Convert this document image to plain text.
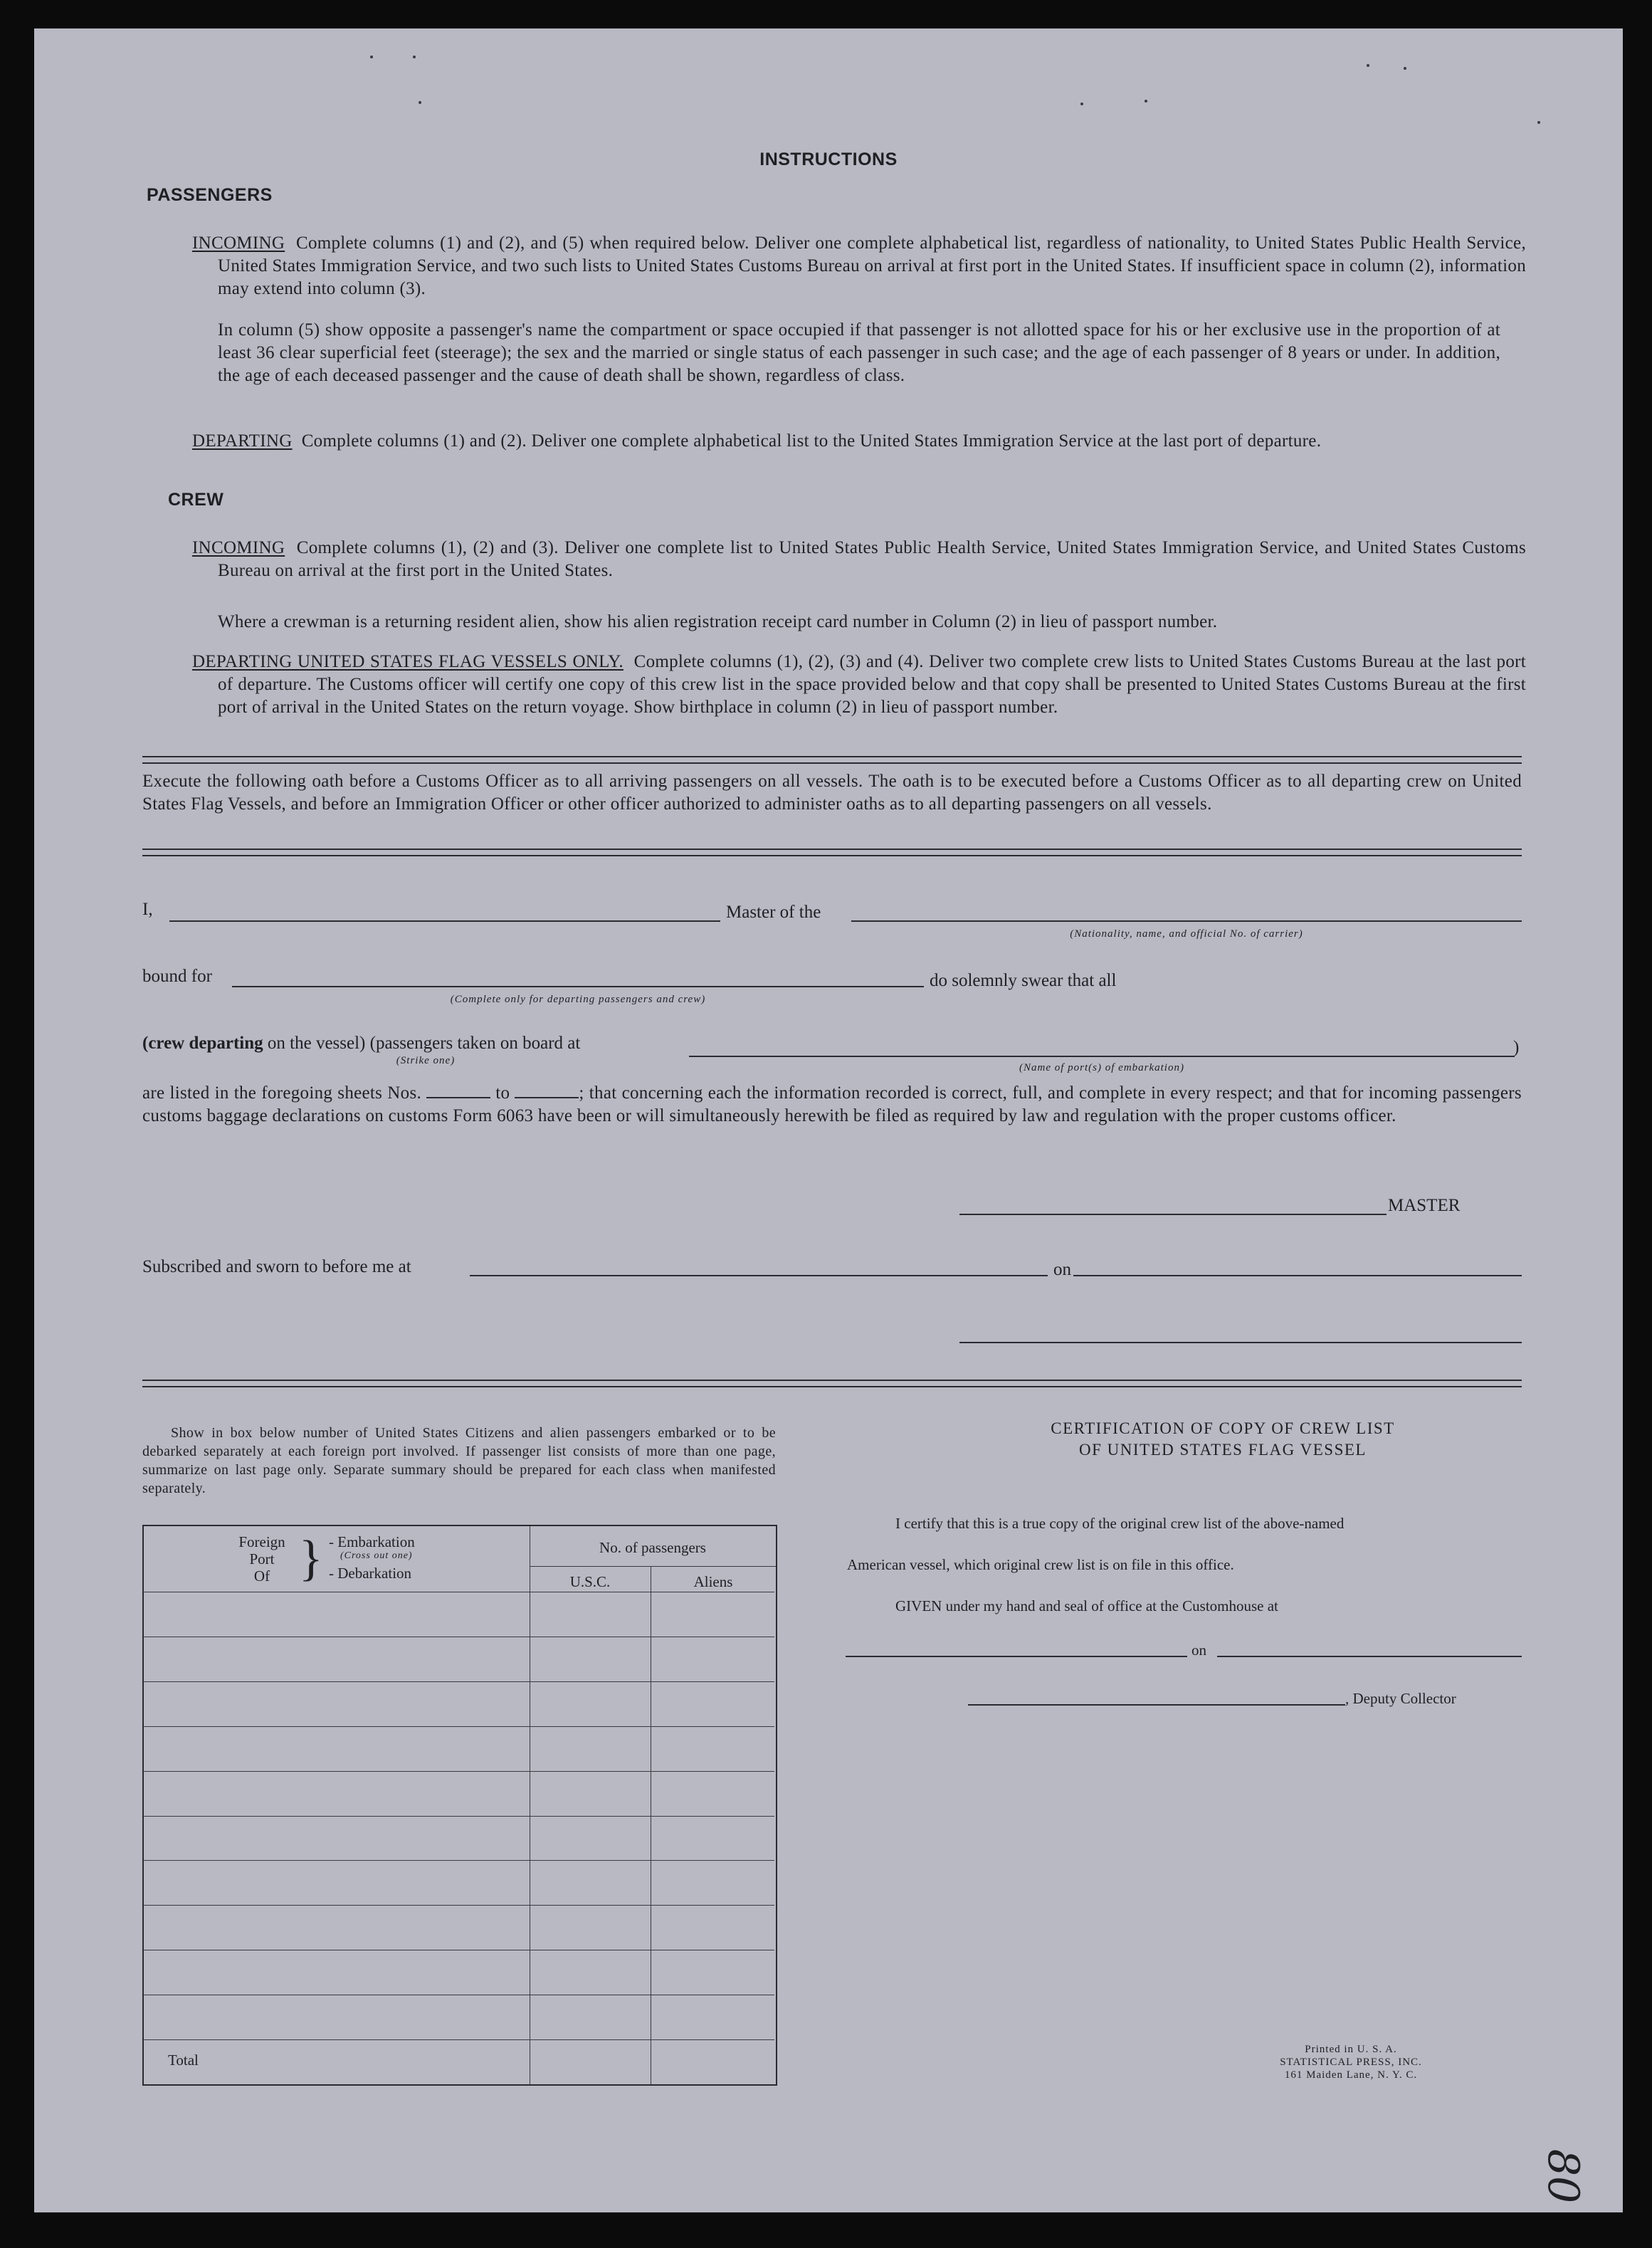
INSTRUCTIONS
PASSENGERS
INCOMING Complete columns (1) and (2), and (5) when required below. Deliver one complete alphabetical list, regardless of nationality, to United States Public Health Service, United States Immigration Service, and two such lists to United States Customs Bureau on arrival at first port in the United States. If insufficient space in column (2), information may extend into column (3).
In column (5) show opposite a passenger's name the compartment or space occupied if that passenger is not allotted space for his or her exclusive use in the proportion of at least 36 clear superficial feet (steerage); the sex and the married or single status of each passenger in such case; and the age of each passenger of 8 years or under. In addition, the age of each deceased passenger and the cause of death shall be shown, regardless of class.
DEPARTING Complete columns (1) and (2). Deliver one complete alphabetical list to the United States Immigration Service at the last port of departure.
CREW
INCOMING Complete columns (1), (2) and (3). Deliver one complete list to United States Public Health Service, United States Immigration Service, and United States Customs Bureau on arrival at the first port in the United States.
Where a crewman is a returning resident alien, show his alien registration receipt card number in Column (2) in lieu of passport number.
DEPARTING UNITED STATES FLAG VESSELS ONLY. Complete columns (1), (2), (3) and (4). Deliver two complete crew lists to United States Customs Bureau at the last port of departure. The Customs officer will certify one copy of this crew list in the space provided below and that copy shall be presented to United States Customs Bureau at the first port of arrival in the United States on the return voyage. Show birthplace in column (2) in lieu of passport number.
Execute the following oath before a Customs Officer as to all arriving passengers on all vessels. The oath is to be executed before a Customs Officer as to all departing crew on United States Flag Vessels, and before an Immigration Officer or other officer authorized to administer oaths as to all departing passengers on all vessels.
I,	Master of the
(Nationality, name, and official No. of carrier)
bound for
(Complete only for departing passengers and crew)
do solemnly swear that all
(crew departing on the vessel) (passengers taken on board at
(Strike one)
)
(Name of port(s) of embarkation)
are listed in the foregoing sheets Nos.	to	; that concerning each the information recorded is correct, full, and complete in every respect; and that for incoming passengers customs baggage declarations on customs Form 6063 have been or will simultaneously herewith be filed as required by law and regulation with the proper customs officer.
MASTER
Subscribed and sworn to before me at	on
Show in box below number of United States Citizens and alien passengers embarked or to be debarked separately at each foreign port involved. If passenger list consists of more than one page, summarize on last page only. Separate summary should be prepared for each class when manifested separately.
Foreign
Port
Of } - Embarkation
(Cross out one)
- Debarkation
No. of passengers
U.S.C.	Aliens
Total
CERTIFICATION OF COPY OF CREW LIST
OF UNITED STATES FLAG VESSEL
I certify that this is a true copy of the original crew list of the above-named
American vessel, which original crew list is on file in this office.
GIVEN under my hand and seal of office at the Customhouse at
on
, Deputy Collector
Printed in U. S. A.
STATISTICAL PRESS, INC.
161 Maiden Lane, N. Y. C.
80
